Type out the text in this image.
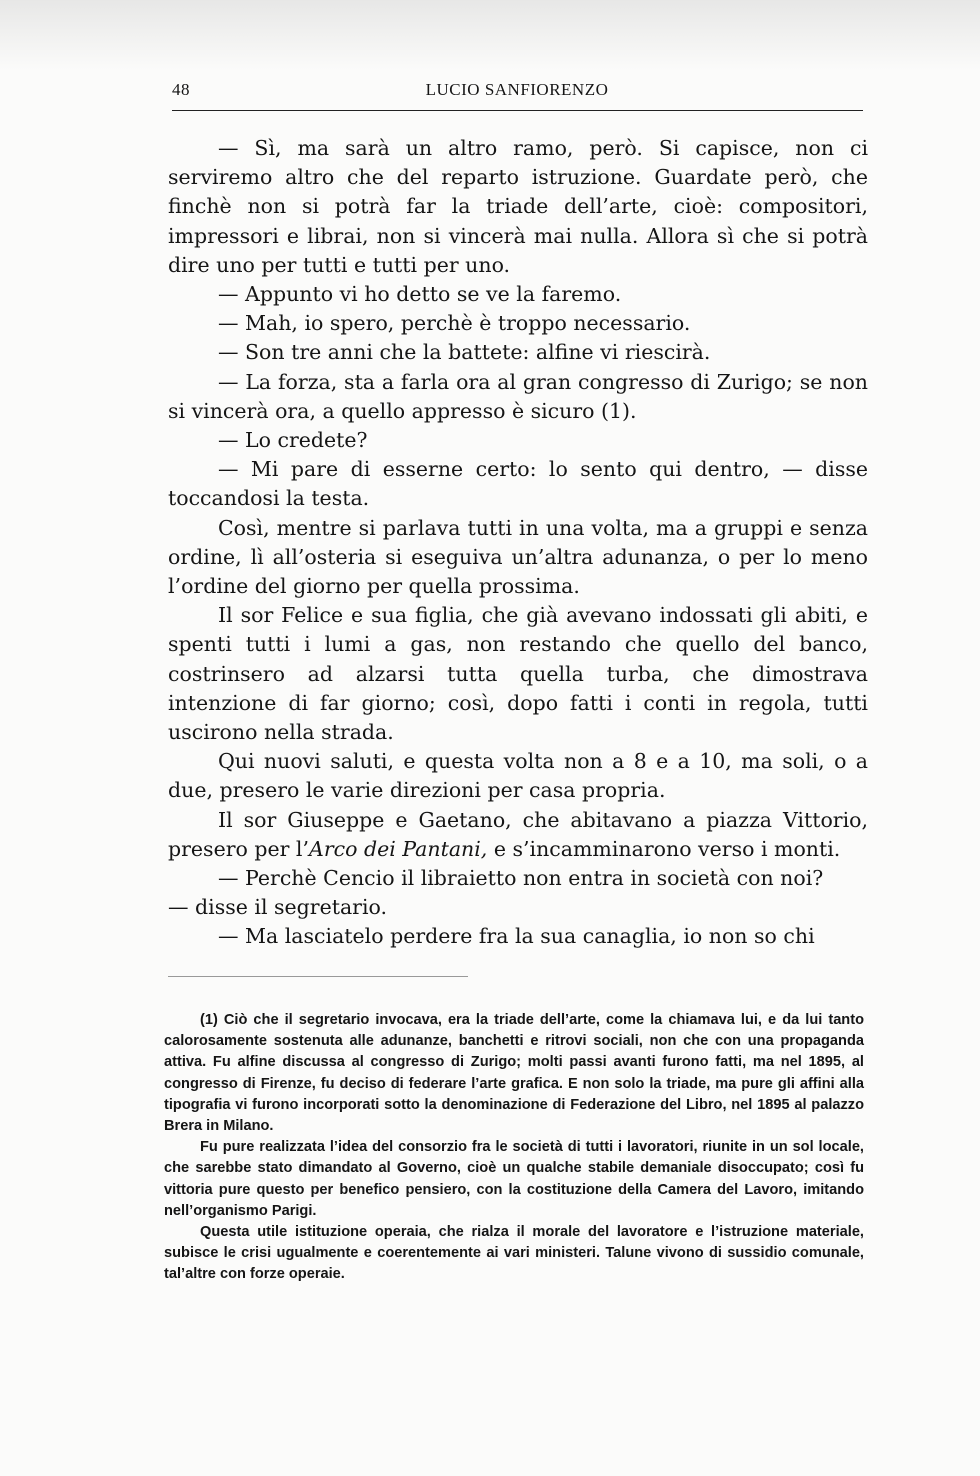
48	LUCIO SANFIORENZO

— Sì, ma sarà un altro ramo, però. Si capisce, non ci serviremo altro che del reparto istruzione. Guardate però, che finchè non si potrà far la triade dell’arte, cioè: compositori, impressori e librai, non si vincerà mai nulla. Allora sì che si potrà dire uno per tutti e tutti per uno.

— Appunto vi ho detto se ve la faremo.

— Mah, io spero, perchè è troppo necessario.

— Son tre anni che la battete: alfine vi riescirà.

— La forza, sta a farla ora al gran congresso di Zurigo; se non si vincerà ora, a quello appresso è sicuro (1).

— Lo credete?

— Mi pare di esserne certo: lo sento qui dentro, — disse toccandosi la testa.

Così, mentre si parlava tutti in una volta, ma a gruppi e senza ordine, lì all’osteria si eseguiva un’altra adunanza, o per lo meno l’ordine del giorno per quella prossima.

Il sor Felice e sua figlia, che già avevano indossati gli abiti, e spenti tutti i lumi a gas, non restando che quello del banco, costrinsero ad alzarsi tutta quella turba, che dimostrava intenzione di far giorno; così, dopo fatti i conti in regola, tutti uscirono nella strada.

Qui nuovi saluti, e questa volta non a 8 e a 10, ma soli, o a due, presero le varie direzioni per casa propria.

Il sor Giuseppe e Gaetano, che abitavano a piazza Vittorio, presero per l’Arco dei Pantani, e s’incamminarono verso i monti.

— Perchè Cencio il libraietto non entra in società con noi?

— disse il segretario.

— Ma lasciatelo perdere fra la sua canaglia, io non so chi

(1) Ciò che il segretario invocava, era la triade dell’arte, come la chiamava lui, e da lui tanto calorosamente sostenuta alle adunanze, banchetti e ritrovi sociali, non che con una propaganda attiva. Fu alfine discussa al congresso di Zurigo; molti passi avanti furono fatti, ma nel 1895, al congresso di Firenze, fu deciso di federare l’arte grafica. E non solo la triade, ma pure gli affini alla tipografia vi furono incorporati sotto la denominazione di Federazione del Libro, nel 1895 al palazzo Brera in Milano.

Fu pure realizzata l’idea del consorzio fra le società di tutti i lavoratori, riunite in un sol locale, che sarebbe stato dimandato al Governo, cioè un qualche stabile demaniale disoccupato; così fu vittoria pure questo per benefico pensiero, con la costituzione della Camera del Lavoro, imitando nell’organismo Parigi.

Questa utile istituzione operaia, che rialza il morale del lavoratore e l’istruzione materiale, subisce le crisi ugualmente e coerentemente ai vari ministeri. Talune vivono di sussidio comunale, tal’altre con forze operaie.
